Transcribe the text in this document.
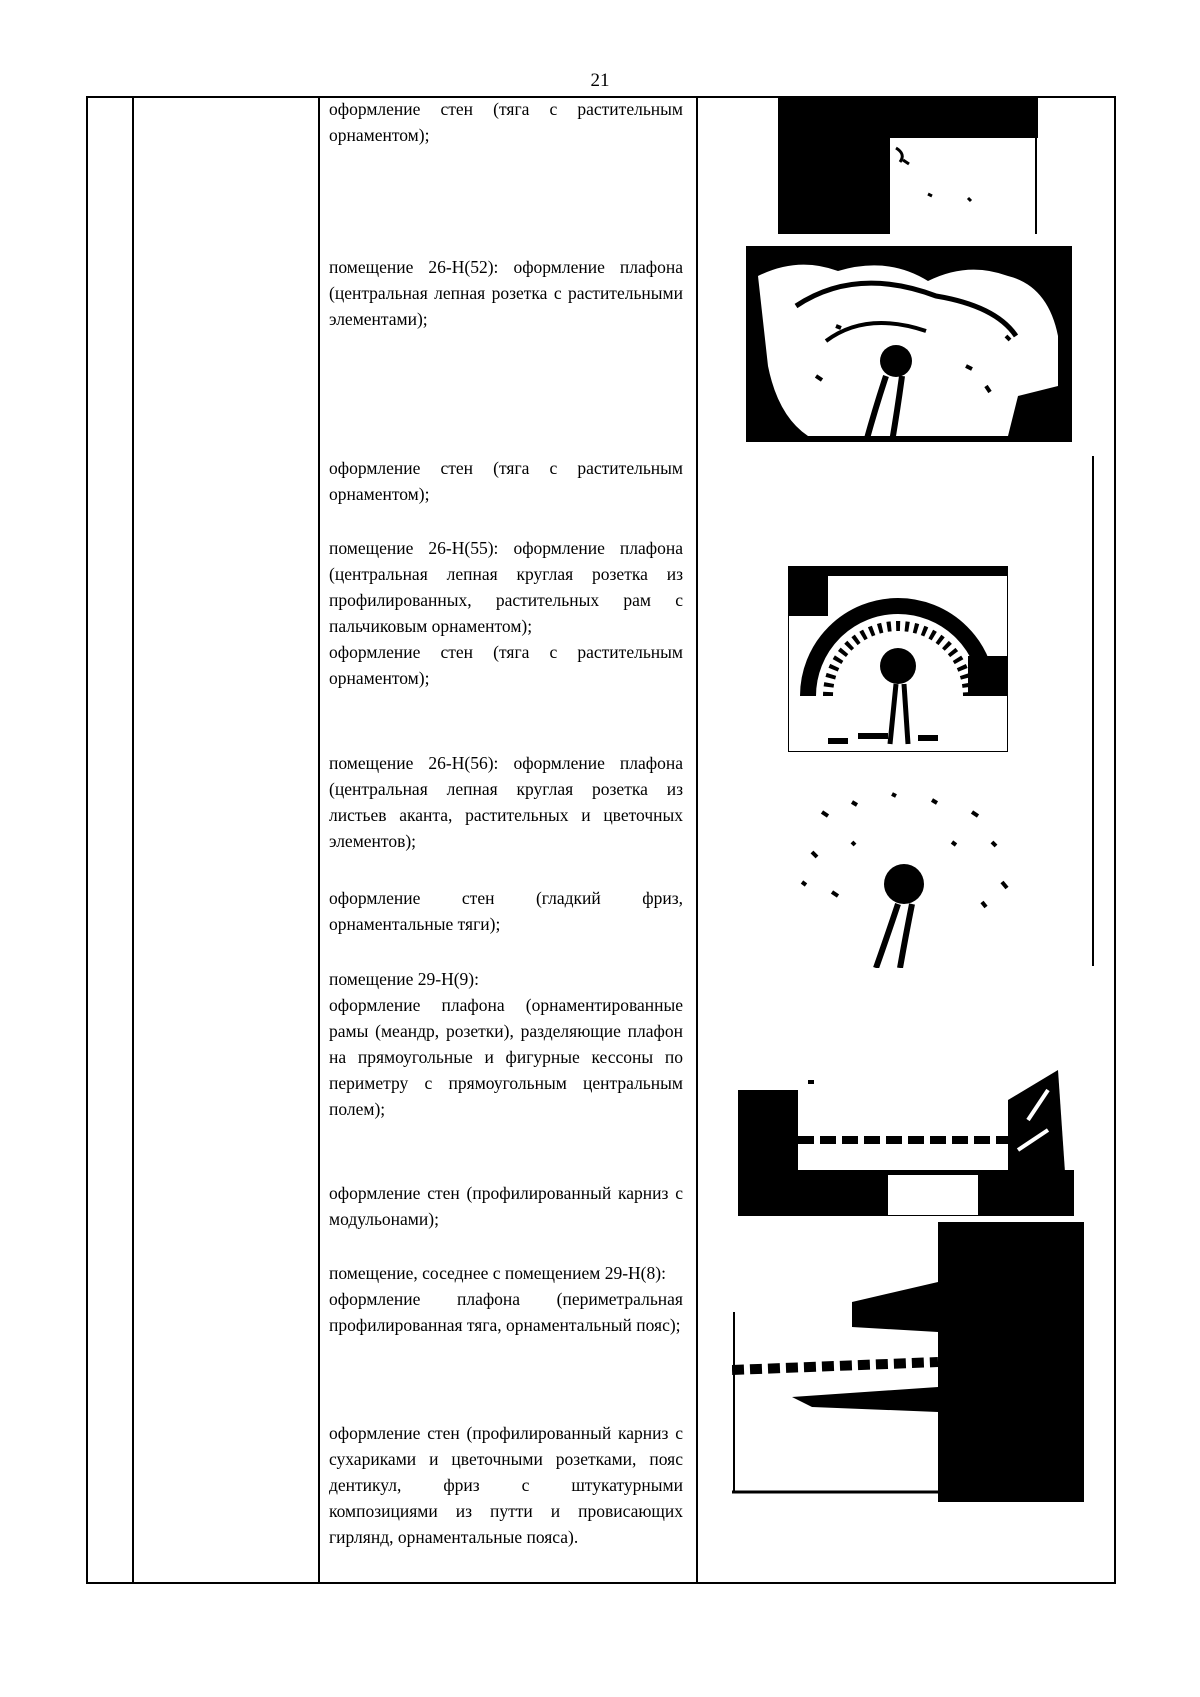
21

оформление стен (тяга с растительным орнаментом);

помещение 26-Н(52): оформление плафона (центральная лепная розетка с растительными элементами);

оформление стен (тяга с растительным орнаментом);

помещение 26-Н(55): оформление плафона (центральная лепная круглая розетка из профилированных, растительных рам с пальчиковым орнаментом);

оформление стен (тяга с растительным орнаментом);

помещение 26-Н(56): оформление плафона (центральная лепная круглая розетка из листьев аканта, растительных и цветочных элементов);

оформление стен (гладкий фриз, орнаментальные тяги);

помещение 29-Н(9):

оформление плафона (орнаментированные рамы (меандр, розетки), разделяющие плафон на прямоугольные и фигурные кессоны по периметру с прямоугольным центральным полем);

оформление стен (профилированный карниз с модульонами);

помещение, соседнее с помещением 29-Н(8):

оформление плафона (периметральная профилированная тяга, орнаментальный пояс);

оформление стен (профилированный карниз с сухариками и цветочными розетками, пояс дентикул, фриз с штукатурными композициями из путти и провисающих гирлянд, орнаментальные пояса).
